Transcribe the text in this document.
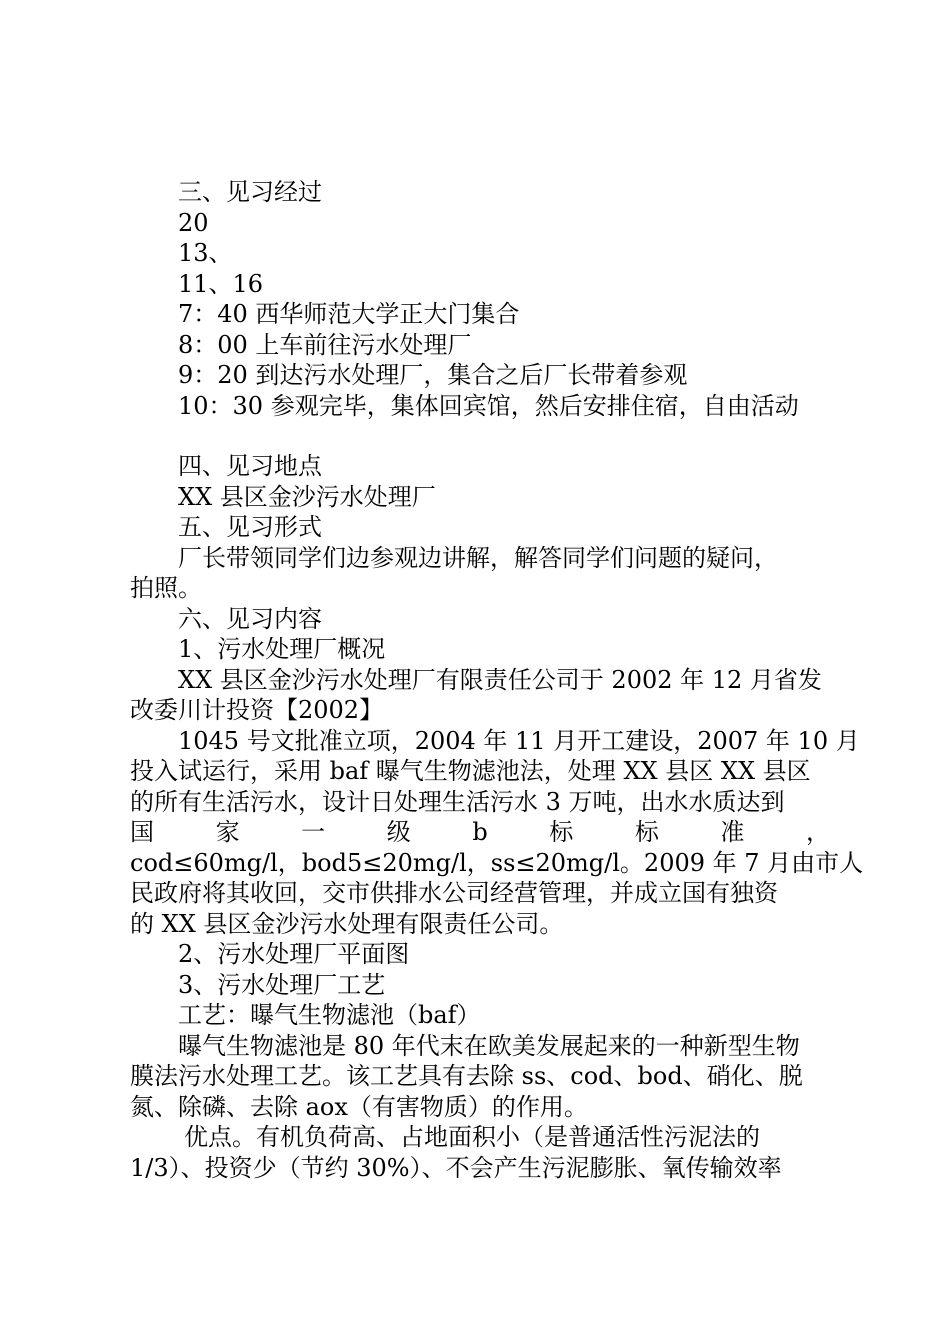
三、见习经过
20
13、
11、16
7：40 西华师范大学正大门集合
8：00 上车前往污水处理厂
9：20 到达污水处理厂，集合之后厂长带着参观
10：30 参观完毕，集体回宾馆，然后安排住宿，自由活动
四、见习地点
XX 县区金沙污水处理厂
五、见习形式
厂长带领同学们边参观边讲解，解答同学们问题的疑问，
拍照。
六、见习内容
1、污水处理厂概况
XX 县区金沙污水处理厂有限责任公司于 2002 年 12 月省发
改委川计投资【2002】
1045 号文批准立项，2004 年 11 月开工建设，2007 年 10 月
投入试运行，采用 baf 曝气生物滤池法，处理 XX 县区 XX 县区
的所有生活污水，设计日处理生活污水 3 万吨，出水水质达到
国	家	一	级	b	标	标	准	，
cod≤60mg/l，bod5≤20mg/l，ss≤20mg/l。2009 年 7 月由市人
民政府将其收回，交市供排水公司经营管理，并成立国有独资
的 XX 县区金沙污水处理有限责任公司。
2、污水处理厂平面图
3、污水处理厂工艺
工艺：曝气生物滤池（baf）
曝气生物滤池是 80 年代末在欧美发展起来的一种新型生物
膜法污水处理工艺。该工艺具有去除 ss、cod、bod、硝化、脱
氮、除磷、去除 aox（有害物质）的作用。
优点。有机负荷高、占地面积小（是普通活性污泥法的
1/3）、投资少（节约 30%）、不会产生污泥膨胀、氧传输效率
